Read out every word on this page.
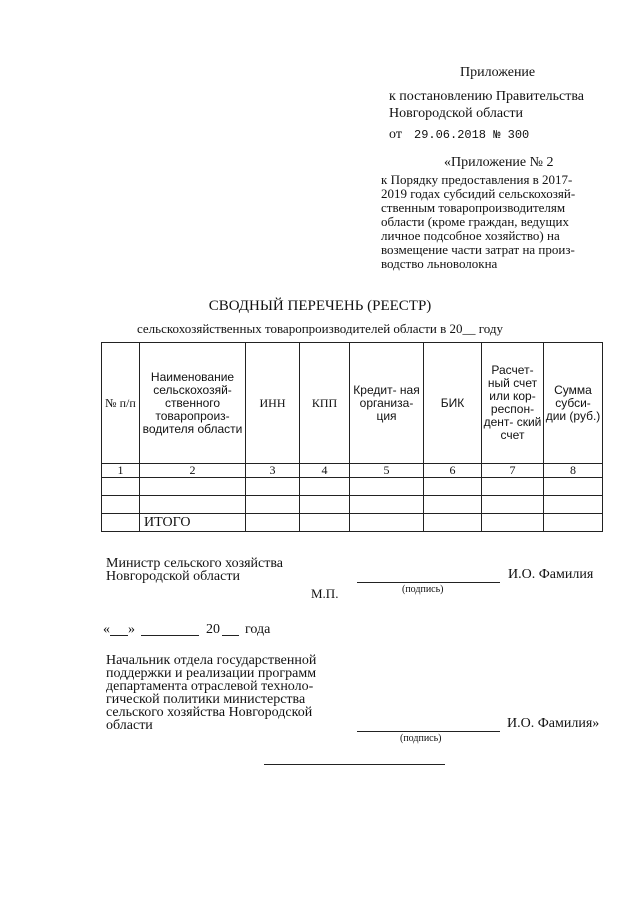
Приложение
к постановлению Правительства
Новгородской области
от 29.06.2018 № 300
«Приложение № 2
к Порядку предоставления в 2017-
2019 годах субсидий сельскохозяй-
ственным товаропроизводителям
области (кроме граждан, ведущих
личное подсобное хозяйство) на
возмещение части затрат на произ-
водство льноволокна
СВОДНЫЙ ПЕРЕЧЕНЬ (РЕЕСТР)
сельскохозяйственных товаропроизводителей области в 20__ году
№ п/п	Наименование сельскохозяй- ственного товаропроиз- водителя области	ИНН	КПП	Кредит- ная организа- ция	БИК	Расчет- ный счет или кор- респон- дент- ский счет	Сумма субси- дии (руб.)
1	2	3	4	5	6	7	8

	ИТОГО						
Министр сельского хозяйства
Новгородской области	И.О. Фамилия
М.П.	(подпись)
« »	20 года
Начальник отдела государственной
поддержки и реализации программ
департамента отраслевой техноло-
гической политики министерства
сельского хозяйства Новгородской
области	И.О. Фамилия»
(подпись)
